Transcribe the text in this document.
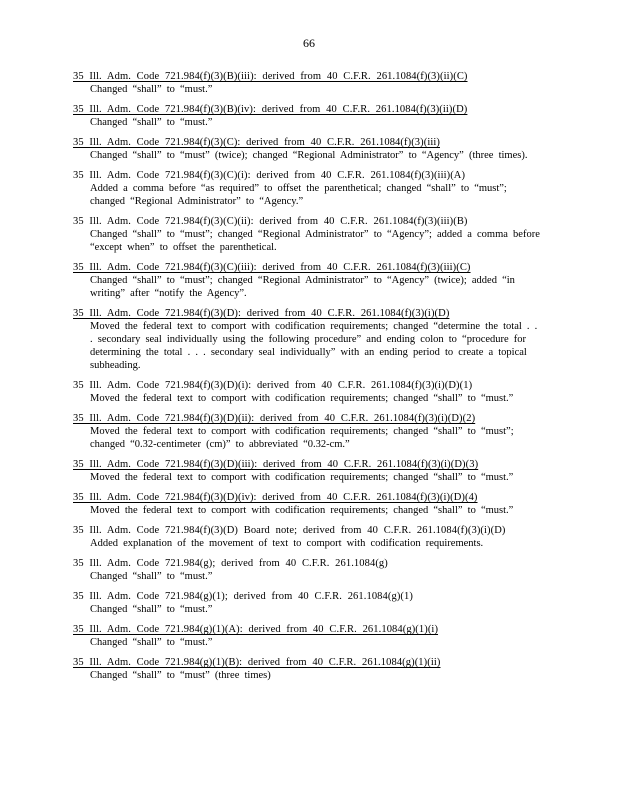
66
35 Ill. Adm. Code 721.984(f)(3)(B)(iii): derived from 40 C.F.R. 261.1084(f)(3)(ii)(C)
Changed “shall” to “must.”
35 Ill. Adm. Code 721.984(f)(3)(B)(iv): derived from 40 C.F.R. 261.1084(f)(3)(ii)(D)
Changed “shall” to “must.”
35 Ill. Adm. Code 721.984(f)(3)(C): derived from 40 C.F.R. 261.1084(f)(3)(iii)
Changed “shall” to “must” (twice); changed “Regional Administrator” to “Agency” (three times).
35 Ill. Adm. Code 721.984(f)(3)(C)(i): derived from 40 C.F.R. 261.1084(f)(3)(iii)(A)
Added a comma before “as required” to offset the parenthetical; changed “shall” to “must”; changed “Regional Administrator” to “Agency.”
35 Ill. Adm. Code 721.984(f)(3)(C)(ii): derived from 40 C.F.R. 261.1084(f)(3)(iii)(B)
Changed “shall” to “must”; changed “Regional Administrator” to “Agency”; added a comma before “except when” to offset the parenthetical.
35 Ill. Adm. Code 721.984(f)(3)(C)(iii): derived from 40 C.F.R. 261.1084(f)(3)(iii)(C)
Changed “shall” to “must”; changed “Regional Administrator” to “Agency” (twice); added “in writing” after “notify the Agency”.
35 Ill. Adm. Code 721.984(f)(3)(D): derived from 40 C.F.R. 261.1084(f)(3)(i)(D)
Moved the federal text to comport with codification requirements; changed “determine the total . . . secondary seal individually using the following procedure” and ending colon to “procedure for determining the total . . . secondary seal individually” with an ending period to create a topical subheading.
35 Ill. Adm. Code 721.984(f)(3)(D)(i): derived from 40 C.F.R. 261.1084(f)(3)(i)(D)(1)
Moved the federal text to comport with codification requirements; changed “shall” to “must.”
35 Ill. Adm. Code 721.984(f)(3)(D)(ii): derived from 40 C.F.R. 261.1084(f)(3)(i)(D)(2)
Moved the federal text to comport with codification requirements; changed “shall” to “must”; changed “0.32-centimeter (cm)” to abbreviated “0.32-cm.”
35 Ill. Adm. Code 721.984(f)(3)(D)(iii): derived from 40 C.F.R. 261.1084(f)(3)(i)(D)(3)
Moved the federal text to comport with codification requirements; changed “shall” to “must.”
35 Ill. Adm. Code 721.984(f)(3)(D)(iv): derived from 40 C.F.R. 261.1084(f)(3)(i)(D)(4)
Moved the federal text to comport with codification requirements; changed “shall” to “must.”
35 Ill. Adm. Code 721.984(f)(3)(D) Board note; derived from 40 C.F.R. 261.1084(f)(3)(i)(D)
Added explanation of the movement of text to comport with codification requirements.
35 Ill. Adm. Code 721.984(g); derived from 40 C.F.R. 261.1084(g)
Changed “shall” to “must.”
35 Ill. Adm. Code 721.984(g)(1); derived from 40 C.F.R. 261.1084(g)(1)
Changed “shall” to “must.”
35 Ill. Adm. Code 721.984(g)(1)(A): derived from 40 C.F.R. 261.1084(g)(1)(i)
Changed “shall” to “must.”
35 Ill. Adm. Code 721.984(g)(1)(B): derived from 40 C.F.R. 261.1084(g)(1)(ii)
Changed “shall” to “must” (three times)
